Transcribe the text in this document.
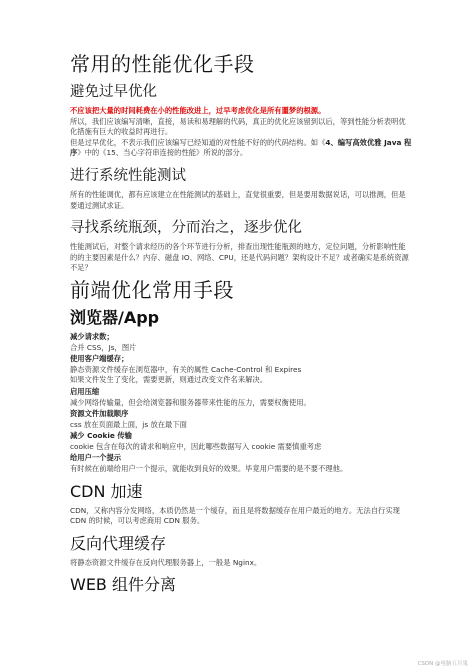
常用的性能优化手段
避免过早优化

不应该把大量的时间耗费在小的性能改进上，过早考虑优化是所有噩梦的根源。

所以，我们应该编写清晰，直接，易读和易理解的代码，真正的优化应该留到以后，等到性能分析表明优化措施有巨大的收益时再进行。

但是过早优化，不表示我们应该编写已经知道的对性能不好的的代码结构。如《4、编写高效优雅 Java 程序》中的《15、当心字符串连接的性能》所说的部分。

进行系统性能测试

所有的性能调优，都有应该建立在性能测试的基础上，直觉很重要，但是要用数据说话，可以推测，但是要通过测试求证。

寻找系统瓶颈，分而治之，逐步优化

性能测试后，对整个请求经历的各个环节进行分析，排查出现性能瓶颈的地方，定位问题，分析影响性能的的主要因素是什么？内存、磁盘 IO、网络、CPU，还是代码问题？架构设计不足？或者确实是系统资源不足？

前端优化常用手段
浏览器/App
减少请求数；

合并 CSS，Js，图片

使用客户端缓存；

静态资源文件缓存在浏览器中，有关的属性 Cache-Control 和 Expires

如果文件发生了变化，需要更新，则通过改变文件名来解决。

启用压缩

减少网络传输量，但会给浏览器和服务器带来性能的压力，需要权衡使用。

资源文件加载顺序

css 放在页面最上面，js 放在最下面

减少 Cookie 传输

cookie 包含在每次的请求和响应中，因此哪些数据写入 cookie 需要慎重考虑

给用户一个提示

有时候在前端给用户一个提示，就能收到良好的效果。毕竟用户需要的是不要不理他。

CDN 加速

CDN，又称内容分发网络，本质仍然是一个缓存，而且是将数据缓存在用户最近的地方。无法自行实现 CDN 的时候，可以考虑商用 CDN 服务。

反向代理缓存

将静态资源文件缓存在反向代理服务器上，一般是 Nginx。

WEB 组件分离
CSDN @电脑五月鬼
